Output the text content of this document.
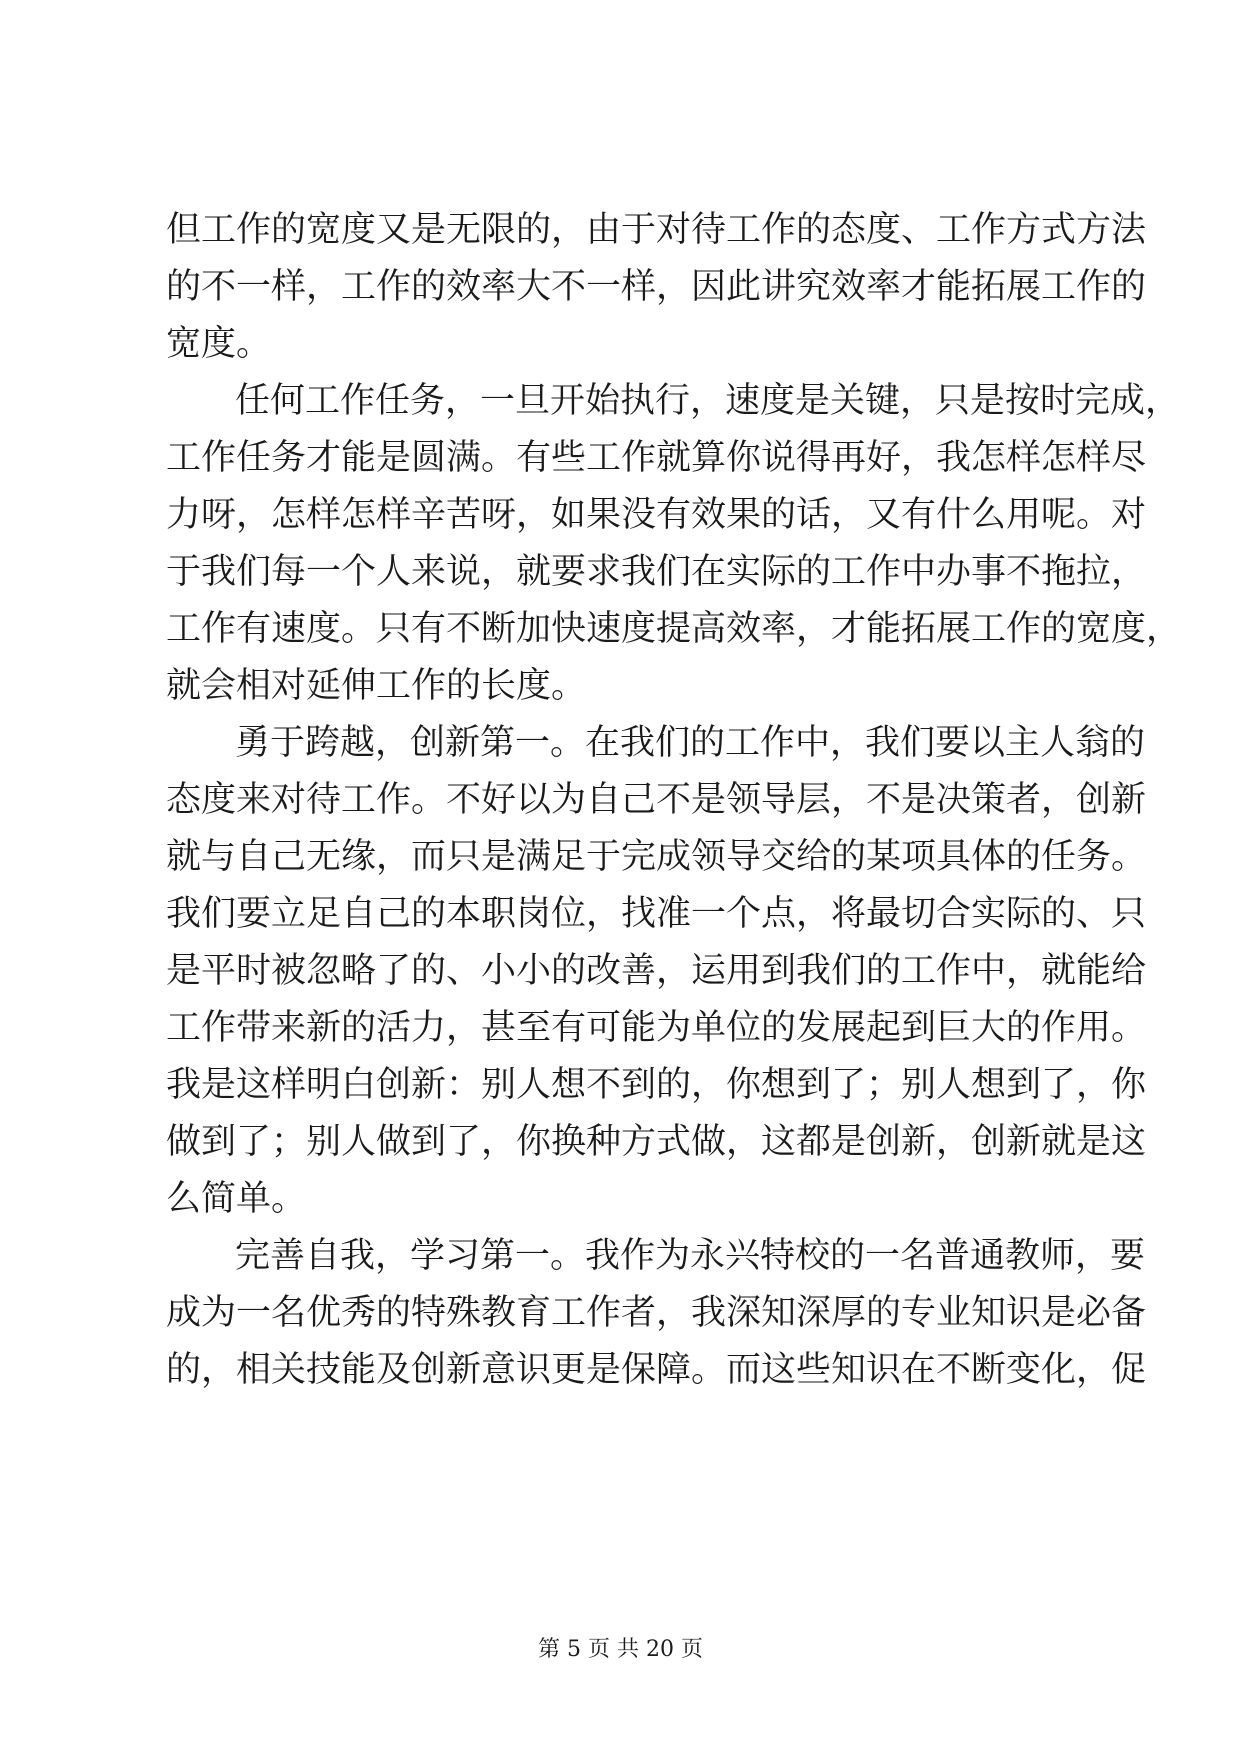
但工作的宽度又是无限的，由于对待工作的态度、工作方式方法
的不一样，工作的效率大不一样，因此讲究效率才能拓展工作的
宽度。
任何工作任务，一旦开始执行，速度是关键，只是按时完成，
工作任务才能是圆满。有些工作就算你说得再好，我怎样怎样尽
力呀，怎样怎样辛苦呀，如果没有效果的话，又有什么用呢。对
于我们每一个人来说，就要求我们在实际的工作中办事不拖拉，
工作有速度。只有不断加快速度提高效率，才能拓展工作的宽度，
就会相对延伸工作的长度。
勇于跨越，创新第一。在我们的工作中，我们要以主人翁的
态度来对待工作。不好以为自己不是领导层，不是决策者，创新
就与自己无缘，而只是满足于完成领导交给的某项具体的任务。
我们要立足自己的本职岗位，找准一个点，将最切合实际的、只
是平时被忽略了的、小小的改善，运用到我们的工作中，就能给
工作带来新的活力，甚至有可能为单位的发展起到巨大的作用。
我是这样明白创新：别人想不到的，你想到了；别人想到了，你
做到了；别人做到了，你换种方式做，这都是创新，创新就是这
么简单。
完善自我，学习第一。我作为永兴特校的一名普通教师，要
成为一名优秀的特殊教育工作者，我深知深厚的专业知识是必备
的，相关技能及创新意识更是保障。而这些知识在不断变化，促
第 5 页 共 20 页
